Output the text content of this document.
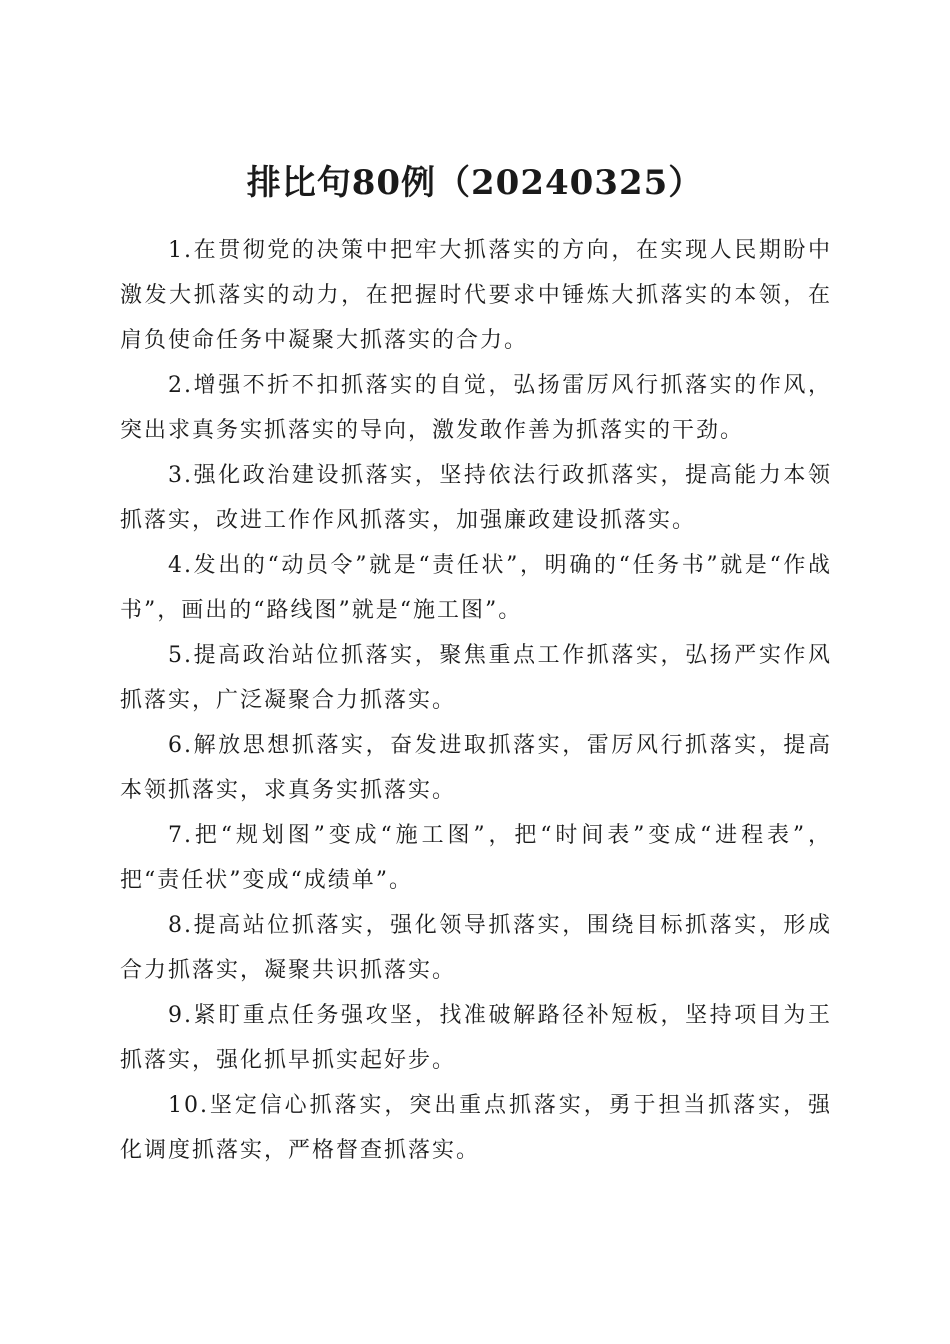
排比句80例（20240325）

1.在贯彻党的决策中把牢大抓落实的方向，在实现人民期盼中激发大抓落实的动力，在把握时代要求中锤炼大抓落实的本领，在肩负使命任务中凝聚大抓落实的合力。

2.增强不折不扣抓落实的自觉，弘扬雷厉风行抓落实的作风，突出求真务实抓落实的导向，激发敢作善为抓落实的干劲。

3.强化政治建设抓落实，坚持依法行政抓落实，提高能力本领抓落实，改进工作作风抓落实，加强廉政建设抓落实。

4.发出的“动员令”就是“责任状”，明确的“任务书”就是“作战书”，画出的“路线图”就是“施工图”。

5.提高政治站位抓落实，聚焦重点工作抓落实，弘扬严实作风抓落实，广泛凝聚合力抓落实。

6.解放思想抓落实，奋发进取抓落实，雷厉风行抓落实，提高本领抓落实，求真务实抓落实。

7.把“规划图”变成“施工图”，把“时间表”变成“进程表”，把“责任状”变成“成绩单”。

8.提高站位抓落实，强化领导抓落实，围绕目标抓落实，形成合力抓落实，凝聚共识抓落实。

9.紧盯重点任务强攻坚，找准破解路径补短板，坚持项目为王抓落实，强化抓早抓实起好步。

10.坚定信心抓落实，突出重点抓落实，勇于担当抓落实，强化调度抓落实，严格督查抓落实。
